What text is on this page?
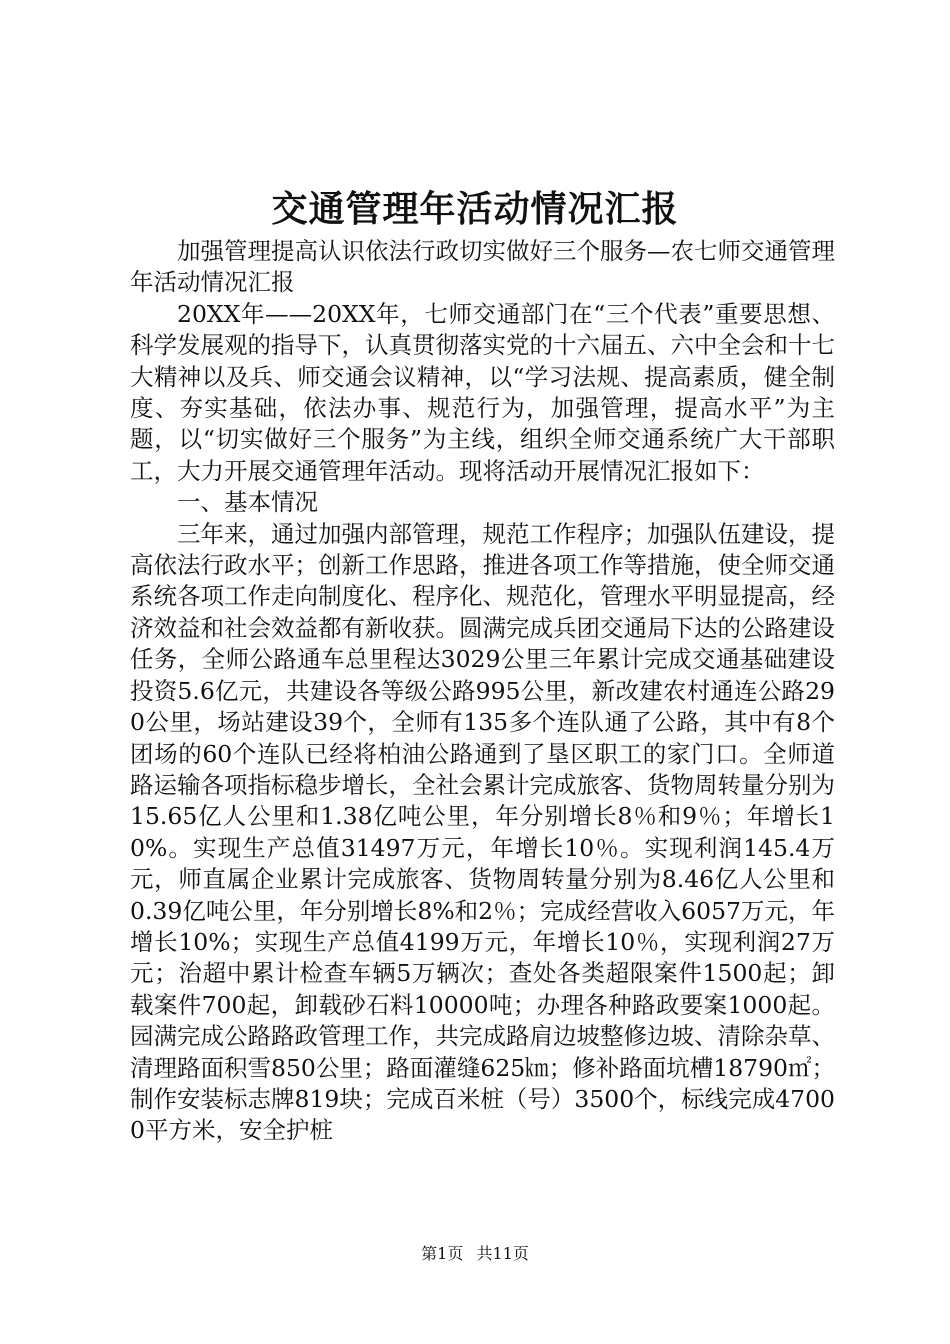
交通管理年活动情况汇报

加强管理提高认识依法行政切实做好三个服务—农七师交通管理年活动情况汇报

20XX年——20XX年，七师交通部门在“三个代表”重要思想、科学发展观的指导下，认真贯彻落实党的十六届五、六中全会和十七大精神以及兵、师交通会议精神，以“学习法规、提高素质，健全制度、夯实基础，依法办事、规范行为，加强管理，提高水平”为主题，以“切实做好三个服务”为主线，组织全师交通系统广大干部职工，大力开展交通管理年活动。现将活动开展情况汇报如下：

一、基本情况

三年来，通过加强内部管理，规范工作程序；加强队伍建设，提高依法行政水平；创新工作思路，推进各项工作等措施，使全师交通系统各项工作走向制度化、程序化、规范化，管理水平明显提高，经济效益和社会效益都有新收获。圆满完成兵团交通局下达的公路建设任务，全师公路通车总里程达3029公里三年累计完成交通基础建设投资5.6亿元，共建设各等级公路995公里，新改建农村通连公路290公里，场站建设39个，全师有135多个连队通了公路，其中有8个团场的60个连队已经将柏油公路通到了垦区职工的家门口。全师道路运输各项指标稳步增长，全社会累计完成旅客、货物周转量分别为15.65亿人公里和1.38亿吨公里，年分别增长8％和9％；年增长10%。实现生产总值31497万元，年增长10％。实现利润145.4万元，师直属企业累计完成旅客、货物周转量分别为8.46亿人公里和0.39亿吨公里，年分别增长8%和2％；完成经营收入6057万元，年增长10%；实现生产总值4199万元，年增长10％，实现利润27万元；治超中累计检查车辆5万辆次；查处各类超限案件1500起；卸载案件700起，卸载砂石料10000吨；办理各种路政要案1000起。园满完成公路路政管理工作，共完成路肩边坡整修边坡、清除杂草、清理路面积雪850公里；路面灌缝625㎞；修补路面坑槽18790㎡；制作安装标志牌819块；完成百米桩（号）3500个，标线完成47000平方米，安全护桩

第1页 共11页
